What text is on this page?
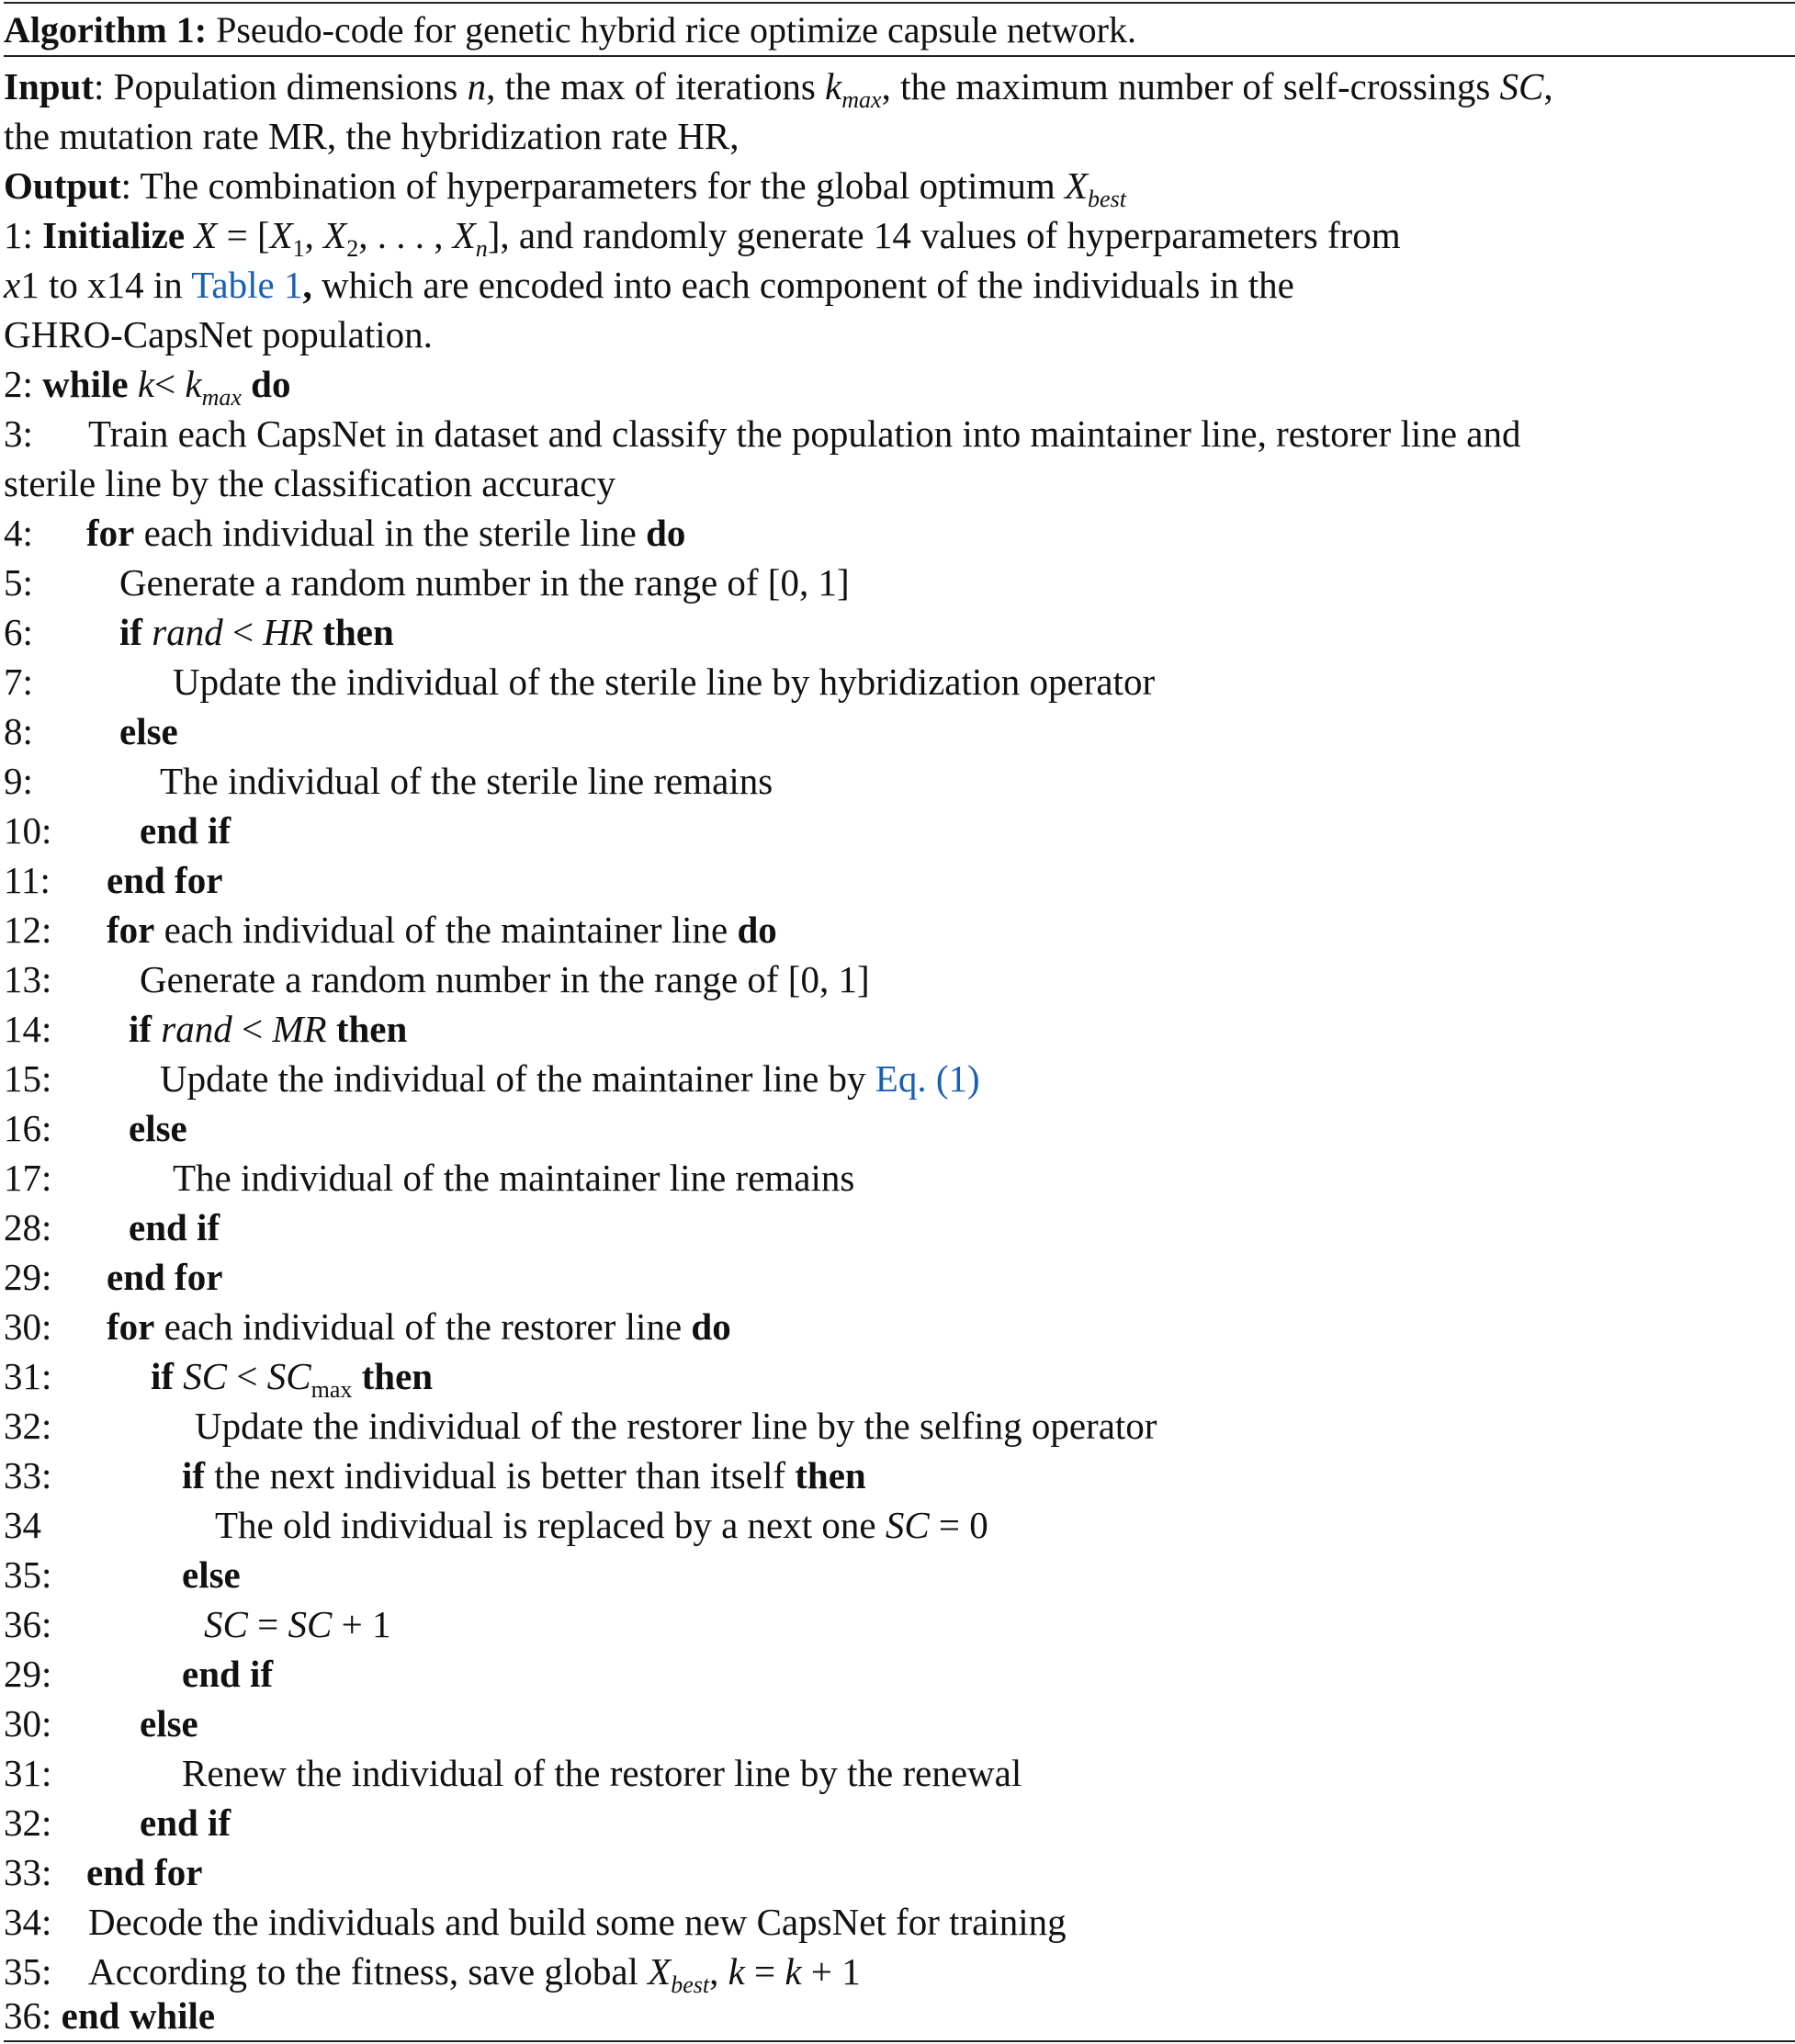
Algorithm 1: Pseudo-code for genetic hybrid rice optimize capsule network.
Input: Population dimensions n, the max of iterations $k_{max}$, the maximum number of self-crossings SC,
the mutation rate MR, the hybridization rate HR,
Output: The combination of hyperparameters for the global optimum $X_{best}$
1: Initialize $X = [X_1$, $X_2$, . . . , $X_n$], and randomly generate 14 values of hyperparameters from
x1 to x14 in Table 1, which are encoded into each component of the individuals in the
GHRO-CapsNet population.
2: while $k< k_{max}$ do
3: Train each CapsNet in dataset and classify the population into maintainer line, restorer line and
sterile line by the classification accuracy
4: for each individual in the sterile line do
5: Generate a random number in the range of [0, 1]
6: if rand < HR then
7:	Update the individual of the sterile line by hybridization operator
8: else
9:	The individual of the sterile line remains
10: end if
11: end for
12: for each individual of the maintainer line do
13: Generate a random number in the range of [0, 1]
14: if rand < MR then
15:	Update the individual of the maintainer line by Eq. (1)
16: else
17:	The individual of the maintainer line remains
28: end if
29: end for
30: for each individual of the restorer line do
31:	if SC < $SC_{max}$ then
32:	Update the individual of the restorer line by the selfing operator
33:	if the next individual is better than itself then
34	The old individual is replaced by a next one SC = 0
35:	else
36:	SC = SC + 1
29:	end if
30: else
31:	Renew the individual of the restorer line by the renewal
32: end if
33: end for
34: Decode the individuals and build some new CapsNet for training
35: According to the fitness, save global $X_{best}$, k = k + 1
36: end while
